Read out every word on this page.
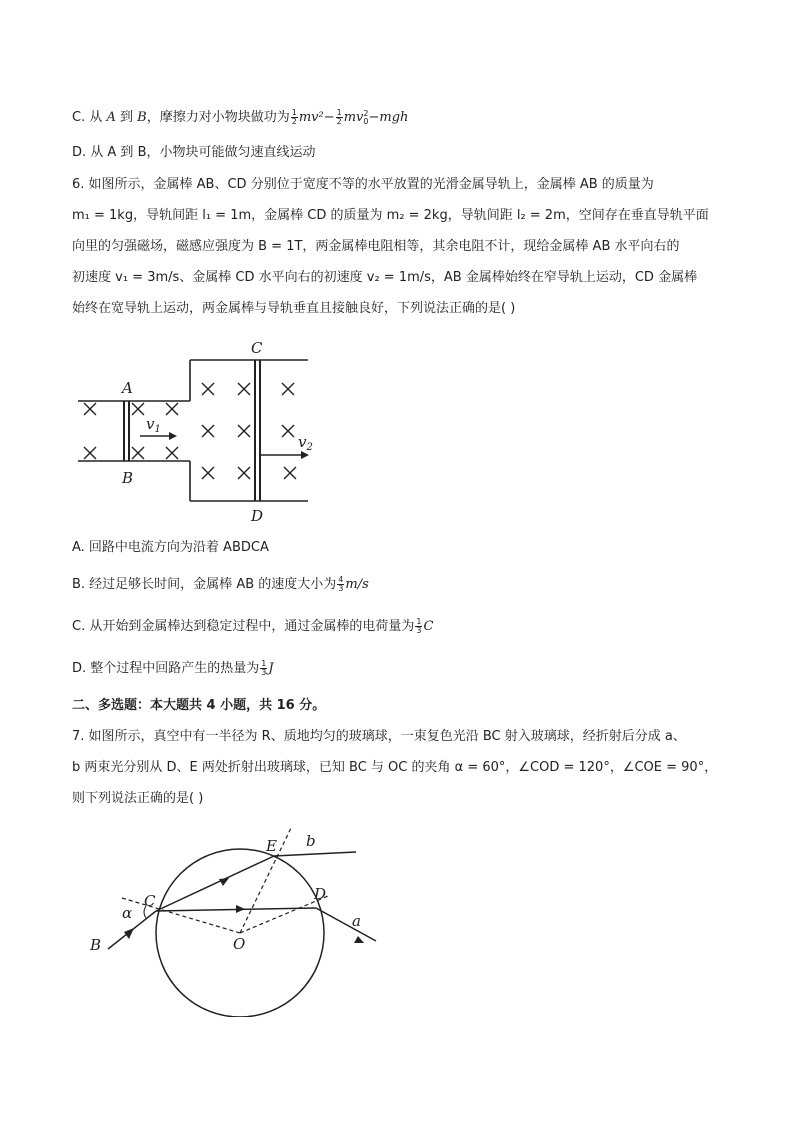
C. 从 A 到 B，摩擦力对小物块做功为 $\frac{1}{2} mv^2- \frac{1}{2}$ mv 2
0 −mgh
D. 从 A 到 B，小物块可能做匀速直线运动
6. 如图所示，金属棒 AB、CD 分别位于宽度不等的水平放置的光滑金属导轨上，金属棒 AB 的质量为
m₁ = 1kg，导轨间距 l₁ = 1m，金属棒 CD 的质量为 m₂ = 2kg，导轨间距 l₂ = 2m，空间存在垂直导轨平面
向里的匀强磁场，磁感应强度为 B = 1T，两金属棒电阻相等，其余电阻不计，现给金属棒 AB 水平向右的
初速度 v₁ = 3m/s、金属棒 CD 水平向右的初速度 v₂ = 1m/s，AB 金属棒始终在窄导轨上运动，CD 金属棒
始终在宽导轨上运动，两金属棒与导轨垂直且接触良好，下列说法正确的是( )
A
B
C
D
$v_1$
$v_2$
A. 回路中电流方向为沿着 ABDCA
B. 经过足够长时间，金属棒 AB 的速度大小为 $\frac{4}{3} m/s$
C. 从开始到金属棒达到稳定过程中，通过金属棒的电荷量为 $\frac{1}{3}$ C
D. 整个过程中回路产生的热量为 $\frac{1}{3}$ J
二、多选题：本大题共 4 小题，共 16 分。
7. 如图所示，真空中有一半径为 R、质地均匀的玻璃球，一束复色光沿 BC 射入玻璃球，经折射后分成 a、
b 两束光分别从 D、E 两处折射出玻璃球，已知 BC 与 OC 的夹角 α = 60°，∠COD = 120°，∠COE = 90°，
则下列说法正确的是( )
E b
C	D
α	a
O
B
